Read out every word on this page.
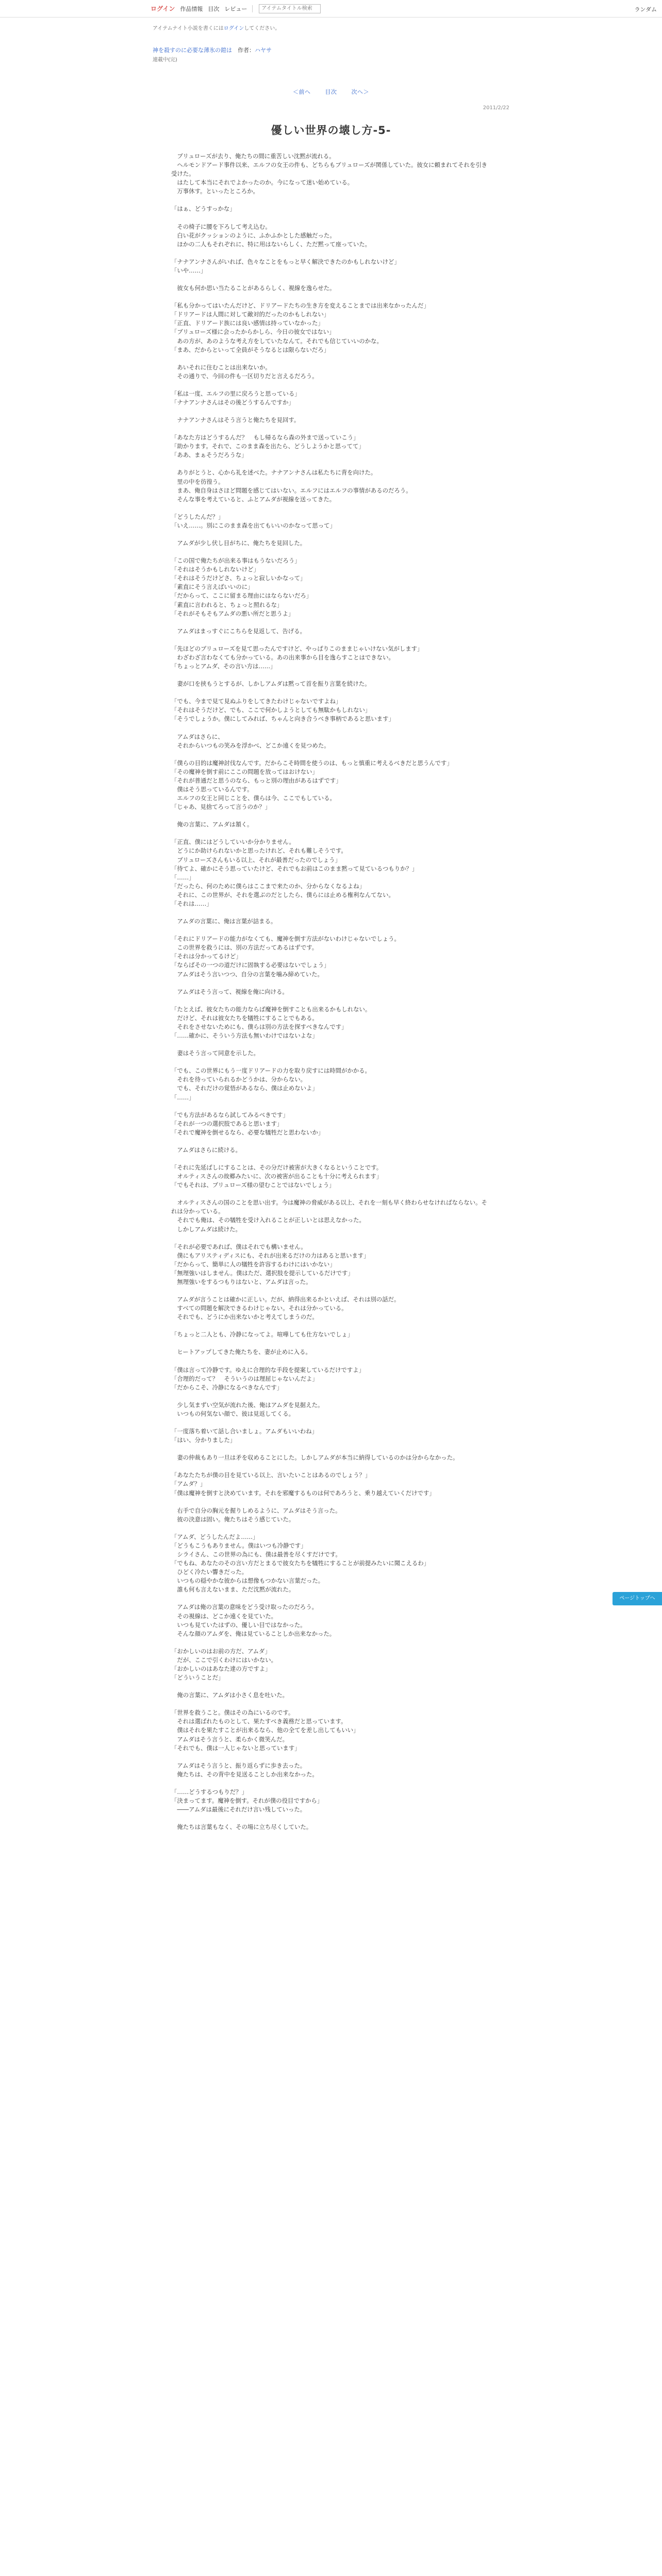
ログイン 作品情報 目次 レビュー
アイテムタイトル検索	ランダム
アイテムナイト小説を書くにはログインしてください。
神を殺すのに必要な薄氷の鎧は　 作者：ハヤサ
連載中(完)
＜前へ	目次	次へ＞
2011/2/22
優しい世界の壊し方-5-
　ブリュローズが去り、俺たちの間に重苦しい沈黙が流れる。
　ヘルモンドアード事件以来、エルフの女王の件も、どちらもブリュローズが関係していた。彼女に頼まれてそれを引き受けた。
　はたして本当にそれでよかったのか。今になって迷い始めている。
　万事休す。といったところか。
「はぁ、どうすっかな」
　その椅子に腰を下ろして考え込む。
　白い花がクッションのように、ふかふかとした感触だった。
　ほかの二人もそれぞれに、特に用はないらしく、ただ黙って座っていた。
「ナナアンナさんがいれば、色々なことをもっと早く解決できたのかもしれないけど」
「いや……」
　彼女も何か思い当たることがあるらしく、視線を逸らせた。
「私も分かってはいたんだけど、ドリアードたちの生き方を変えることまでは出来なかったんだ」
「ドリアードは人間に対して敵対的だったのかもしれない」
「正直、ドリアード族には良い感情は持っていなかった」
「ブリュローズ様に会ったからかしら、今日の彼女ではない」
　あの方が、あのような考え方をしていたなんて。それでも信じていいのかな。
「まあ、だからといって全員がそうなるとは限らないだろ」
　あいそれに住むことは出来ないか。
　その通りで、今回の件も一区切りだと言えるだろう。
「私は一度、エルフの里に戻ろうと思っている」
「ナナアンナさんはその後どうするんですか」
　ナナアンナさんはそう言うと俺たちを見回す。
「あなた方はどうするんだ？　もし帰るなら森の外まで送っていこう」
「助かります。それで、このまま森を出たら、どうしようかと思ってて」
「ああ、まぁそうだろうな」
　ありがとうと、心から礼を述べた。ナナアンナさんは私たちに背を向けた。
　里の中を彷徨う。
　まあ、俺自身はさほど問題を感じてはいない。エルフにはエルフの事情があるのだろう。
　そんな事を考えていると、ふとアムダが視線を送ってきた。
「どうしたんだ？」
「いえ……。別にこのまま森を出てもいいのかなって思って」
　アムダが少し伏し目がちに、俺たちを見回した。
「この国で俺たちが出来る事はもうないだろう」
「それはそうかもしれないけど」
「それはそうだけどさ、ちょっと寂しいかなって」
「素直にそう言えばいいのに」
「だからって、ここに留まる理由にはならないだろ」
「素直に言われると、ちょっと照れるな」
「それがそもそもアムダの悪い所だと思うよ」
　アムダはまっすぐにこちらを見返して、告げる。
「先ほどのブリュローズを見て思ったんですけど、やっぱりこのままじゃいけない気がします」
　わざわざ言わなくても分かっている。あの出来事から目を逸らすことはできない。
「ちょっとアムダ、その言い方は……」
　妻が口を挟もうとするが、しかしアムダは黙って首を振り言葉を続けた。
「でも、今まで見て見ぬふりをしてきたわけじゃないですよね」
「それはそうだけど、でも、ここで何かしようとしても無駄かもしれない」
「そうでしょうか。僕にしてみれば、ちゃんと向き合うべき事柄であると思います」
　アムダはさらに、
　それからいつもの笑みを浮かべ、どこか遠くを見つめた。
「僕らの目的は魔神討伐なんです。だからこそ時間を使うのは、もっと慎重に考えるべきだと思うんです」
「その魔神を倒す前にここの問題を放ってはおけない」
「それが普通だと思うのなら、もっと別の理由があるはずです」
　僕はそう思っているんです。
　エルフの女王と同じことを、僕らは今、ここでもしている。
「じゃあ、見捨てろって言うのか？」
　俺の言葉に、アムダは頷く。
「正直、僕にはどうしていいか分かりません。
　どうにか助けられないかと思ったけれど、それも難しそうです。
　ブリュローズさんもいる以上、それが最善だったのでしょう」
「待てよ、確かにそう思っていたけど、それでもお前はこのまま黙って見ているつもりか？」
「……」
「だったら、何のために僕らはここまで来たのか、分からなくなるよね」
　それに、この世界が、それを選ぶのだとしたら、僕らには止める権利なんてない。
「それは……」
　アムダの言葉に、俺は言葉が詰まる。
「それにドリアードの能力がなくても、魔神を倒す方法がないわけじゃないでしょう。
　この世界を救うには、別の方法だってあるはずです。
「それは分かってるけど」
「ならばその一つの道だけに固執する必要はないでしょう」
　アムダはそう言いつつ、自分の言葉を噛み締めていた。
　アムダはそう言って、視線を俺に向ける。
「たとえば、彼女たちの能力ならば魔神を倒すことも出来るかもしれない。
　だけど、それは彼女たちを犠牲にすることでもある。
　それをさせないためにも、僕らは別の方法を探すべきなんです」
「……確かに、そういう方法も無いわけではないよな」
　妻はそう言って同意を示した。
「でも、この世界にもう一度ドリアードの力を取り戻すには時間がかかる。
　それを待っていられるかどうかは、分からない。
　でも、それだけの覚悟があるなら、僕は止めないよ」
「……」
「でも方法があるなら試してみるべきです」
「それが一つの選択肢であると思います」
「それで魔神を倒せるなら、必要な犠牲だと思わないか」
　アムダはさらに続ける。
「それに先延ばしにすることは、その分だけ被害が大きくなるということです。
　オルティスさんの故郷みたいに、次の被害が出ることも十分に考えられます」
「でもそれは、ブリュローズ様の望むことではないでしょう」
　オルティスさんの国のことを思い出す。今は魔神の脅威がある以上、それを一刻も早く終わらせなければならない。それは分かっている。
　それでも俺は、その犠牲を受け入れることが正しいとは思えなかった。
　しかしアムダは続けた。
「それが必要であれば、僕はそれでも構いません。
　僕にもアリスティディスにも、それが出来るだけの力はあると思います」
「だからって、簡単に人の犠牲を許容するわけにはいかない」
「無理強いはしません。僕はただ、選択肢を提示しているだけです」
　無理強いをするつもりはないと、アムダは言った。
　アムダが言うことは確かに正しい。だが、納得出来るかといえば、それは別の話だ。
　すべての問題を解決できるわけじゃない。それは分かっている。
　それでも、どうにか出来ないかと考えてしまうのだ。
「ちょっと二人とも、冷静になってよ。喧嘩しても仕方ないでしょ」
　ヒートアップしてきた俺たちを、妻が止めに入る。
「僕は言って冷静です。ゆえに合理的な手段を提案しているだけですよ」
「合理的だって？　そういうのは理屈じゃないんだよ」
「だからこそ、冷静になるべきなんです」
　少し気まずい空気が流れた後、俺はアムダを見据えた。
　いつもの何気ない顔で、彼は見返してくる。
「一度落ち着いて話し合いましょ。アムダもいいわね」
「はい、分かりました」
　妻の仲裁もあり一旦は矛を収めることにした。しかしアムダが本当に納得しているのかは分からなかった。
「あなたたちが僕の目を見ている以上、言いたいことはあるのでしょう？」
「アムダ？」
「僕は魔神を倒すと決めています。それを邪魔するものは何であろうと、乗り越えていくだけです」
　右手で自分の胸元を握りしめるように、アムダはそう言った。
　彼の決意は固い。俺たちはそう感じていた。
「アムダ、どうしたんだよ……」
「どうもこうもありません。僕はいつも冷静です」
　シライさん、この世界の為にも、僕は最善を尽くすだけです。
「でもね、あなたのその言い方だとまるで彼女たちを犠牲にすることが前提みたいに聞こえるわ」
　ひどく冷たい響きだった。
　いつもの穏やかな彼からは想像もつかない言葉だった。
　誰も何も言えないまま、ただ沈黙が流れた。
　アムダは俺の言葉の意味をどう受け取ったのだろう。
　その視線は、どこか遠くを見ていた。
　いつも見ていたはずの、優しい目ではなかった。
　そんな顔のアムダを、俺は見ていることしか出来なかった。
「おかしいのはお前の方だ、アムダ」
　だが、ここで引くわけにはいかない。
「おかしいのはあなた達の方ですよ」
「どういうことだ」
　俺の言葉に、アムダは小さく息を吐いた。
「世界を救うこと。僕はその為にいるのです。
　それは選ばれたものとして、果たすべき義務だと思っています。
　僕はそれを果たすことが出来るなら、他の全てを差し出してもいい」
　アムダはそう言うと、柔らかく微笑んだ。
「それでも、僕は一人じゃないと思っています」
　アムダはそう言うと、振り返らずに歩き去った。
　俺たちは、その背中を見送ることしか出来なかった。
「……どうするつもりだ？」
「決まってます。魔神を倒す。それが僕の役目ですから」
　――アムダは最後にそれだけ言い残していった。
　俺たちは言葉もなく、その場に立ち尽くしていた。
ページトップへ
